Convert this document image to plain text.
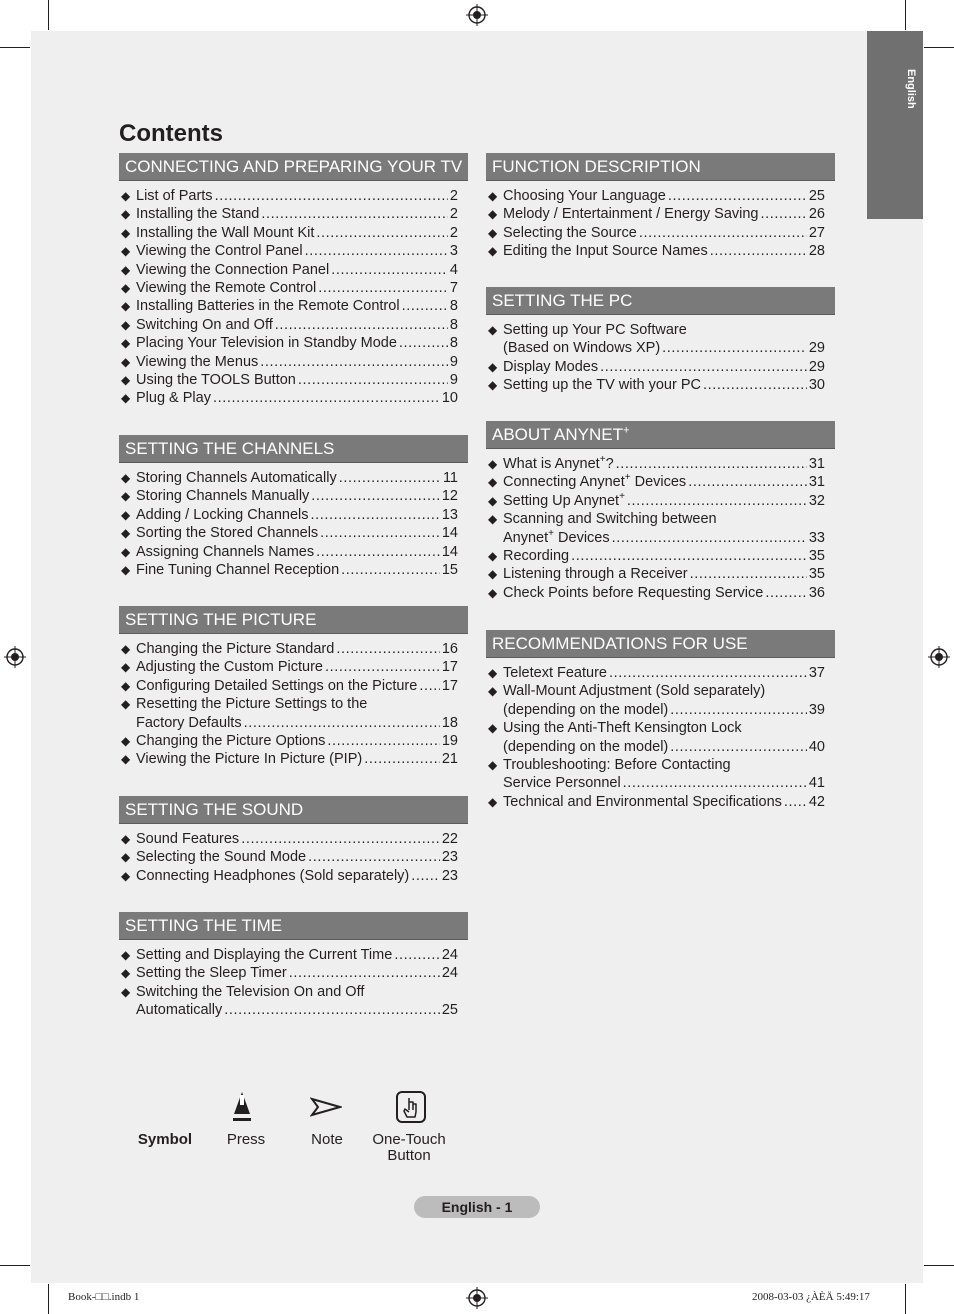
English
Contents
CONNECTING AND PREPARING YOUR TV
◆ List of Parts .....	2
◆ Installing the Stand .....	2
◆ Installing the Wall Mount Kit .....	2
◆ Viewing the Control Panel .....	3
◆ Viewing the Connection Panel .....	4
◆ Viewing the Remote Control .....	7
◆ Installing Batteries in the Remote Control .....	8
◆ Switching On and Off .....	8
◆ Placing Your Television in Standby Mode .....	8
◆ Viewing the Menus .....	9
◆ Using the TOOLS Button .....	9
◆ Plug & Play .....	10
SETTING THE CHANNELS
◆ Storing Channels Automatically .....	11
◆ Storing Channels Manually .....	12
◆ Adding / Locking Channels .....	13
◆ Sorting the Stored Channels .....	14
◆ Assigning Channels Names .....	14
◆ Fine Tuning Channel Reception .....	15
SETTING THE PICTURE
◆ Changing the Picture Standard .....	16
◆ Adjusting the Custom Picture .....	17
◆ Configuring Detailed Settings on the Picture ..... 17
◆ Resetting the Picture Settings to the
Factory Defaults .....	18
◆ Changing the Picture Options .....	19
◆ Viewing the Picture In Picture (PIP) .....	21
SETTING THE SOUND
◆ Sound Features .....	22
◆ Selecting the Sound Mode .....	23
◆ Connecting Headphones (Sold separately) ..... 23
SETTING THE TIME
◆ Setting and Displaying the Current Time .....	24
◆ Setting the Sleep Timer .....	24
◆ Switching the Television On and Off
Automatically .....	25
FUNCTION DESCRIPTION
◆ Choosing Your Language .....	25
◆ Melody / Entertainment / Energy Saving .....	26
◆ Selecting the Source .....	27
◆ Editing the Input Source Names .....	28
SETTING THE PC
◆ Setting up Your PC Software
(Based on Windows XP) .....	29
◆ Display Modes .....	29
◆ Setting up the TV with your PC .....	30
ABOUT ANYNET+
◆ What is Anynet+? .....	31
◆ Connecting Anynet+ Devices .....	31
◆ Setting Up Anynet+ .....	32
◆ Scanning and Switching between
Anynet+ Devices .....	33
◆ Recording .....	35
◆ Listening through a Receiver .....	35
◆ Check Points before Requesting Service .....	36
RECOMMENDATIONS FOR USE
◆ Teletext Feature .....	37
◆ Wall-Mount Adjustment (Sold separately)
(depending on the model) .....	39
◆ Using the Anti-Theft Kensington Lock
(depending on the model) .....	40
◆ Troubleshooting: Before Contacting
Service Personnel .....	41
◆ Technical and Environmental Specifications ..... 42
Symbol	Press	Note	One-Touch
Button
English - 1
Book-□□.indb 1	2008-03-03 ¿ÀÈÄ 5:49:17
